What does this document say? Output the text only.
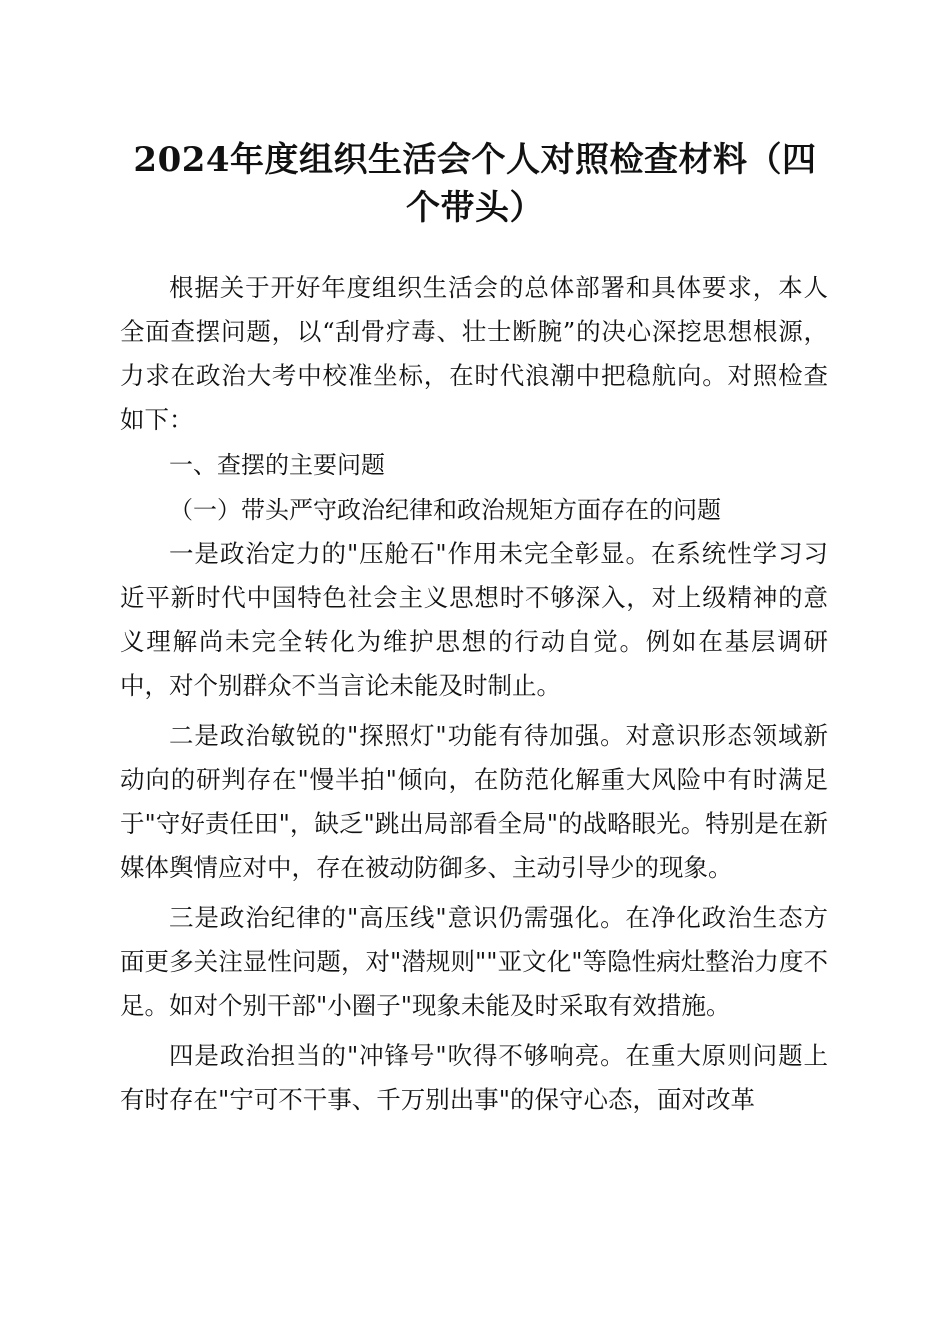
2024年度组织生活会个人对照检查材料（四个带头）

根据关于开好年度组织生活会的总体部署和具体要求，本人全面查摆问题，以“刮骨疗毒、壮士断腕”的决心深挖思想根源，力求在政治大考中校准坐标，在时代浪潮中把稳航向。对照检查如下：

一、查摆的主要问题

（一）带头严守政治纪律和政治规矩方面存在的问题

一是政治定力的"压舱石"作用未完全彰显。在系统性学习习近平新时代中国特色社会主义思想时不够深入，对上级精神的意义理解尚未完全转化为维护思想的行动自觉。例如在基层调研中，对个别群众不当言论未能及时制止。

二是政治敏锐的"探照灯"功能有待加强。对意识形态领域新动向的研判存在"慢半拍"倾向，在防范化解重大风险中有时满足于"守好责任田"，缺乏"跳出局部看全局"的战略眼光。特别是在新媒体舆情应对中，存在被动防御多、主动引导少的现象。

三是政治纪律的"高压线"意识仍需强化。在净化政治生态方面更多关注显性问题，对"潜规则""亚文化"等隐性病灶整治力度不足。如对个别干部"小圈子"现象未能及时采取有效措施。

四是政治担当的"冲锋号"吹得不够响亮。在重大原则问题上有时存在"宁可不干事、千万别出事"的保守心态，面对改革
